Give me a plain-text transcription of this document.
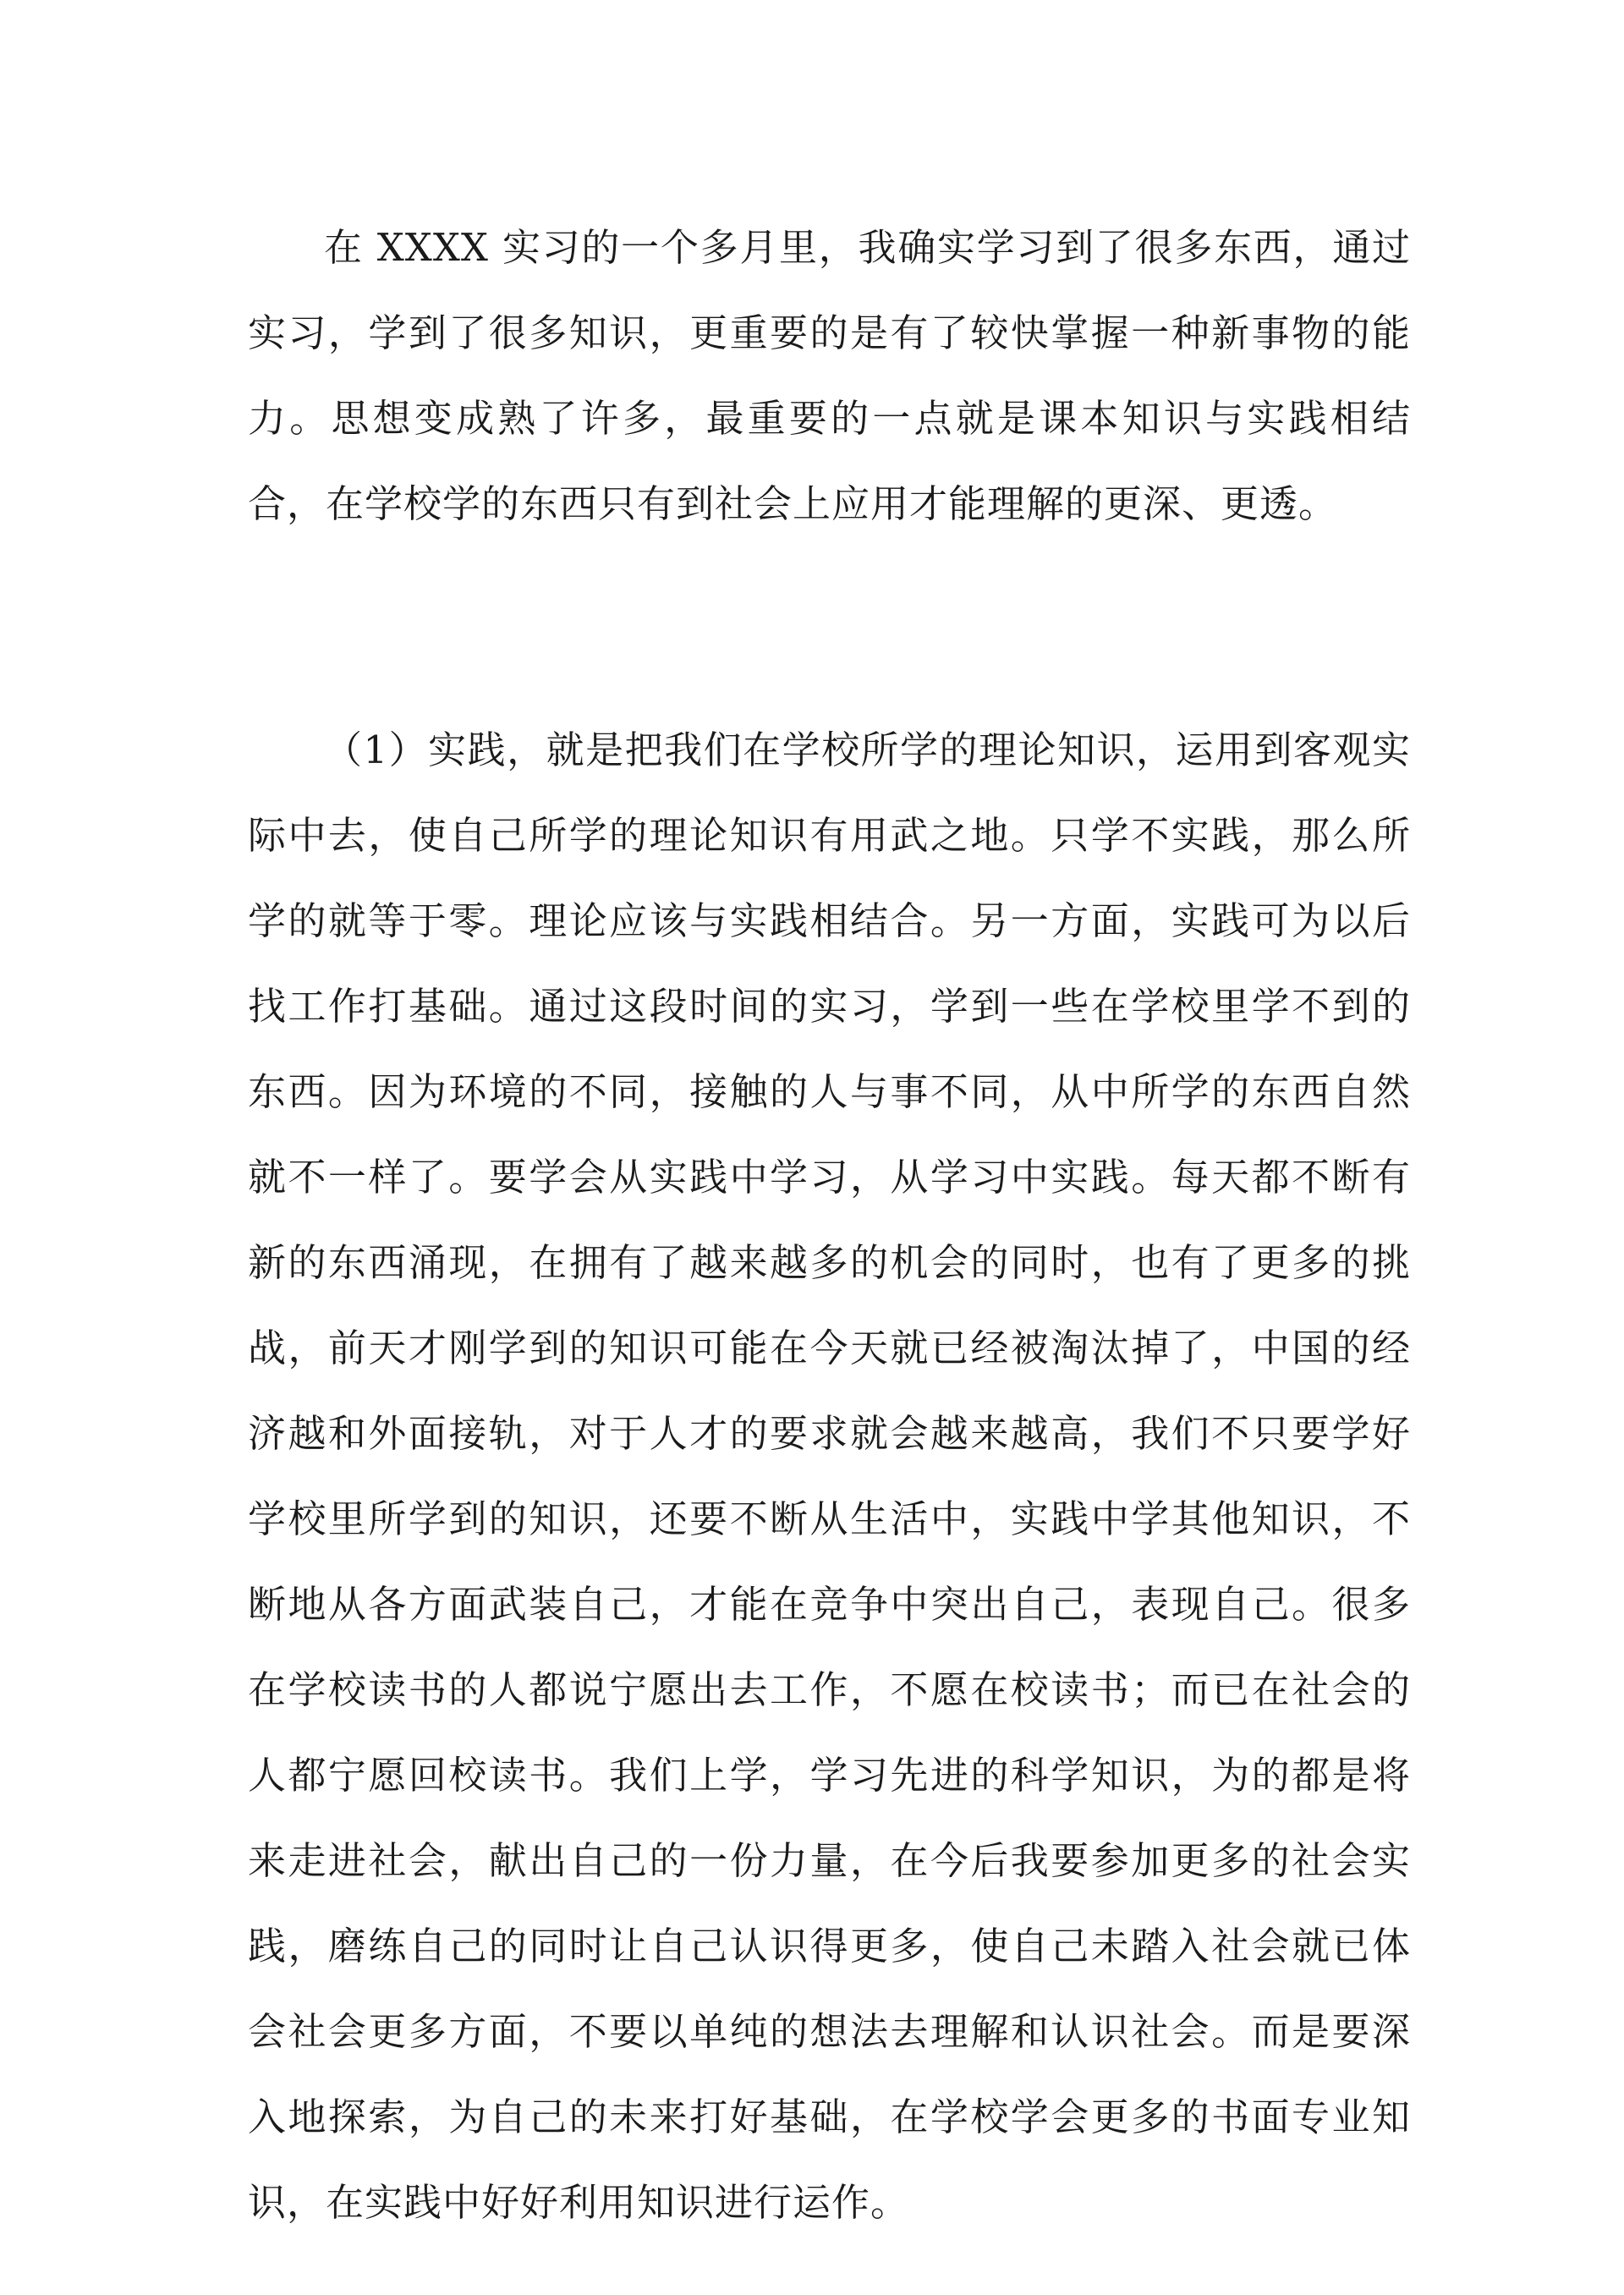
在 XXXX 实习的一个多月里，我确实学习到了很多东西，通过实习，学到了很多知识，更重要的是有了较快掌握一种新事物的能力。思想变成熟了许多，最重要的一点就是课本知识与实践相结合，在学校学的东西只有到社会上应用才能理解的更深、更透。

（1）实践，就是把我们在学校所学的理论知识，运用到客观实际中去，使自己所学的理论知识有用武之地。只学不实践，那么所学的就等于零。理论应该与实践相结合。另一方面，实践可为以后找工作打基础。通过这段时间的实习，学到一些在学校里学不到的东西。因为环境的不同，接触的人与事不同，从中所学的东西自然就不一样了。要学会从实践中学习，从学习中实践。每天都不断有新的东西涌现，在拥有了越来越多的机会的同时，也有了更多的挑战，前天才刚学到的知识可能在今天就已经被淘汰掉了，中国的经济越和外面接轨，对于人才的要求就会越来越高，我们不只要学好学校里所学到的知识，还要不断从生活中，实践中学其他知识，不断地从各方面武装自己，才能在竞争中突出自己，表现自己。很多在学校读书的人都说宁愿出去工作，不愿在校读书；而已在社会的人都宁愿回校读书。我们上学，学习先进的科学知识，为的都是将来走进社会，献出自己的一份力量，在今后我要参加更多的社会实践，磨练自己的同时让自己认识得更多，使自己未踏入社会就已体会社会更多方面，不要以单纯的想法去理解和认识社会。而是要深入地探索，为自己的未来打好基础，在学校学会更多的书面专业知识，在实践中好好利用知识进行运作。
